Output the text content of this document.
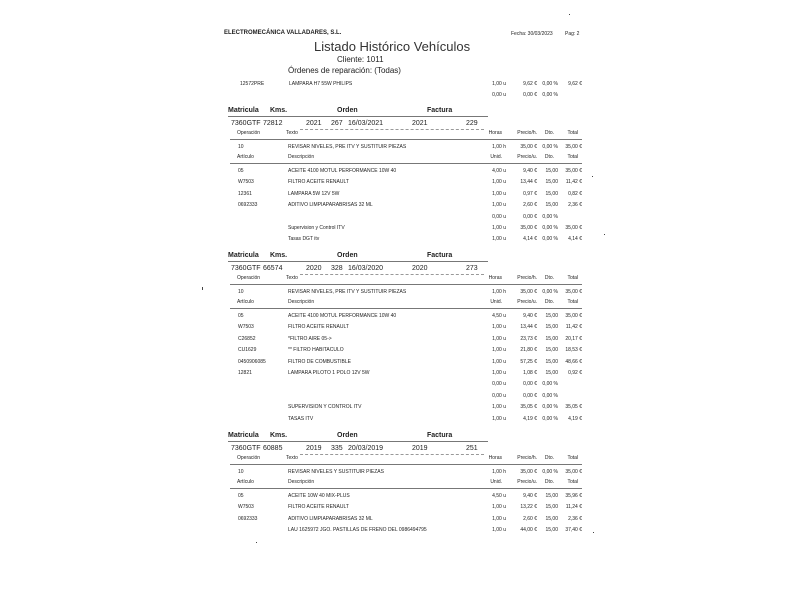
ELECTROMECÁNICA VALLADARES, S.L.	Fecha: 30/03/2023 Pag: 2
Listado Histórico Vehículos
Cliente: 1011
Órdenes de reparación: (Todas)
12572PRE	LAMPARA H7 55W PHILIPS	1,00 u	9,62 €	0,00 %	9,62 €
0,00 u	0,00 €	0,00 %
Matricula Kms.	Orden	Factura
7360GTF 72812	2021 267 16/03/2021	2021	229
Operación	Texto	Horas	Precio/h.	Dto.	Total
10	REVISAR NIVELES, PRE ITV Y SUSTITUIR PIEZAS	1,00 h	35,00 €	0,00 %	35,00 €
Artículo	Descripción	Unid.	Precio/u.	Dto.	Total
05	ACEITE 4100 MOTUL PERFORMANCE 10W 40	4,00 u	9,40 €	15,00	35,00 €
W7503	FILTRO ACEITE RENAULT	1,00 u	13,44 €	15,00	11,42 €
12361	LAMPARA 5W 12V 5W	1,00 u	0,97 €	15,00	0,82 €
0692333	ADITIVO LIMPIAPARABRISAS 32 ML	1,00 u	2,60 €	15,00	2,36 €
0,00 u	0,00 €	0,00 %
Supervision y Control ITV	1,00 u	35,00 €	0,00 %	35,00 €
Tasas DGT itv	1,00 u	4,14 €	0,00 %	4,14 €
Matricula Kms.	Orden	Factura
7360GTF 66574	2020 328 16/03/2020	2020	273
Operación	Texto	Horas	Precio/h.	Dto.	Total
10	REVISAR NIVELES, PRE ITV Y SUSTITUIR PIEZAS	1,00 h	35,00 €	0,00 %	35,00 €
Artículo	Descripción	Unid.	Precio/u.	Dto.	Total
05	ACEITE 4100 MOTUL PERFORMANCE 10W 40	4,50 u	9,40 €	15,00	35,00 €
W7503	FILTRO ACEITE RENAULT	1,00 u	13,44 €	15,00	11,42 €
C26852	*FILTRO AIRE 05->	1,00 u	23,73 €	15,00	20,17 €
CU1629	** FILTRO HABITACULO	1,00 u	21,80 €	15,00	18,53 €
0450906085	FILTRO DE COMBUSTIBLE	1,00 u	57,25 €	15,00	48,66 €
12821	LAMPARA PILOTO 1 POLO 12V 5W	1,00 u	1,08 €	15,00	0,92 €
0,00 u	0,00 €	0,00 %
0,00 u	0,00 €	0,00 %
SUPERVISION Y CONTROL ITV	1,00 u	35,05 €	0,00 %	35,05 €
TASAS ITV	1,00 u	4,19 €	0,00 %	4,19 €
Matricula Kms.	Orden	Factura
7360GTF 60885	2019 335 20/03/2019	2019	251
Operación	Texto	Horas	Precio/h.	Dto.	Total
10	REVISAR NIVELES Y SUSTITUIR PIEZAS	1,00 h	35,00 €	0,00 %	35,00 €
Artículo	Descripción	Unid.	Precio/u.	Dto.	Total
05	ACEITE 10W 40 MIX-PLUS	4,50 u	9,40 €	15,00	35,96 €
W7503	FILTRO ACEITE RENAULT	1,00 u	13,22 €	15,00	11,24 €
0692333	ADITIVO LIMPIAPARABRISAS 32 ML	1,00 u	2,60 €	15,00	2,36 €
LAU 1625972 JGO. PASTILLAS DE FRENO DEL 0986494795	1,00 u	44,00 €	15,00	37,40 €
